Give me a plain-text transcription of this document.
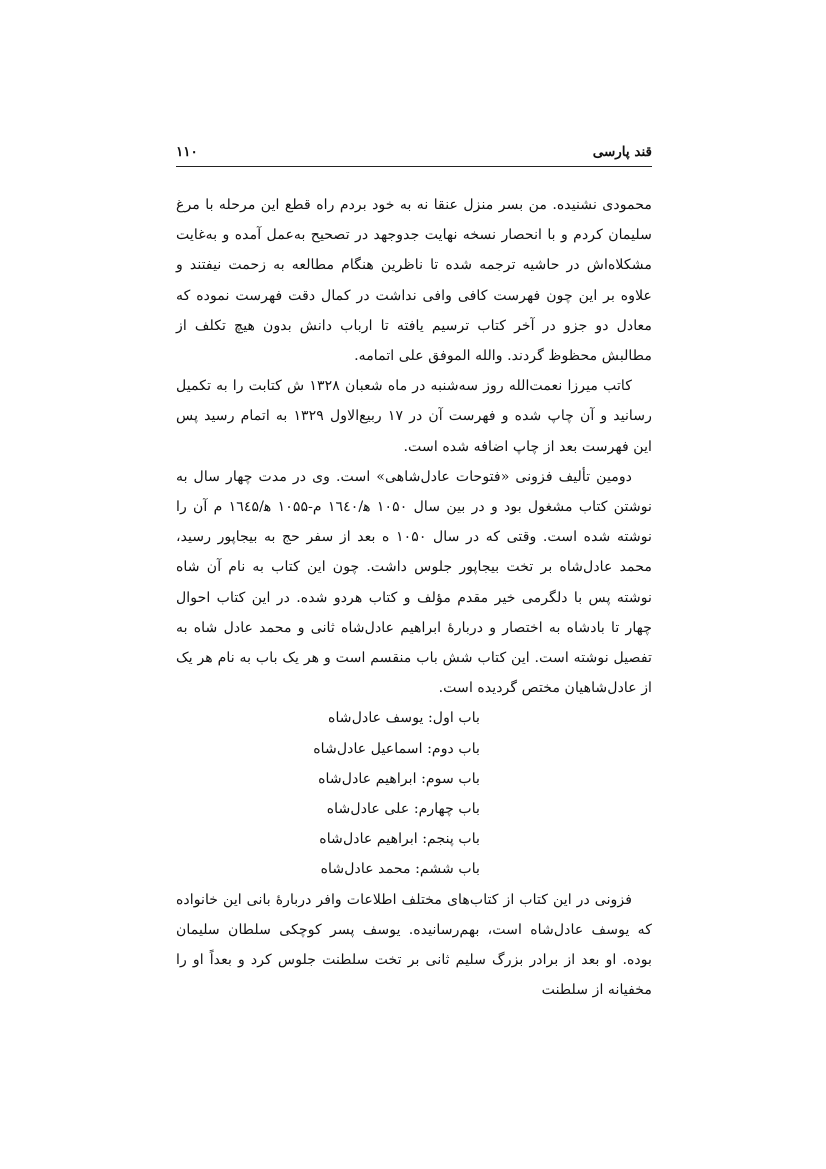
قند پارسی
۱۱۰

محمودی نشنیده. من بسر منزل عنقا نه به خود بردم راه قطع این مرحله با مرغ سلیمان کردم و با انحصار نسخه نهایت جدوجهد در تصحیح به‌عمل آمده و به‌غایت مشکلاه‌اش در حاشیه ترجمه شده تا ناظرین هنگام مطالعه به زحمت نیفتند و علاوه بر این چون فهرست کافی وافی نداشت در کمال دقت فهرست نموده که معادل دو جزو در آخر کتاب ترسیم یافته تا ارباب دانش بدون هیچ تکلف از مطالبش محظوظ گردند. والله الموفق علی اتمامه.

کاتب میرزا نعمت‌الله روز سه‌شنبه در ماه شعبان ۱۳۲۸ ش کتابت را به تکمیل رسانید و آن چاپ شده و فهرست آن در ۱۷ ربیع‌الاول ۱۳۲۹ به اتمام رسید پس این فهرست بعد از چاپ اضافه شده است.

دومین تألیف فزونی «فتوحات عادل‌شاهی» است. وی در مدت چهار سال به نوشتن کتاب مشغول بود و در بین سال ۱۰۵۰ ه‍/۱٦٤۰ م-۱۰۵۵ ه‍/۱٦٤۵ م آن را نوشته شده است. وقتی که در سال ۱۰۵۰ ه بعد از سفر حج به بیجاپور رسید، محمد عادل‌شاه بر تخت بیجاپور جلوس داشت. چون این کتاب به نام آن شاه نوشته پس با دلگرمی خیر مقدم مؤلف و کتاب هردو شده. در این کتاب احوال چهار تا بادشاه به اختصار و دربارهٔ ابراهیم عادل‌شاه ثانی و محمد عادل شاه به تفصیل نوشته است. این کتاب شش باب منقسم است و هر یک باب به نام هر یک از عادل‌شاهیان مختص گردیده است.

باب اول: یوسف عادل‌شاه
باب دوم: اسماعیل عادل‌شاه
باب سوم: ابراهیم عادل‌شاه
باب چهارم: علی عادل‌شاه
باب پنجم: ابراهیم عادل‌شاه
باب ششم: محمد عادل‌شاه

فزونی در این کتاب از کتاب‌های مختلف اطلاعات وافر دربارهٔ بانی این خانواده که یوسف عادل‌شاه است، بهم‌رسانیده. یوسف پسر کوچکی سلطان سلیمان بوده. او بعد از برادر بزرگ سلیم ثانی بر تخت سلطنت جلوس کرد و بعداً او را مخفیانه از سلطنت
